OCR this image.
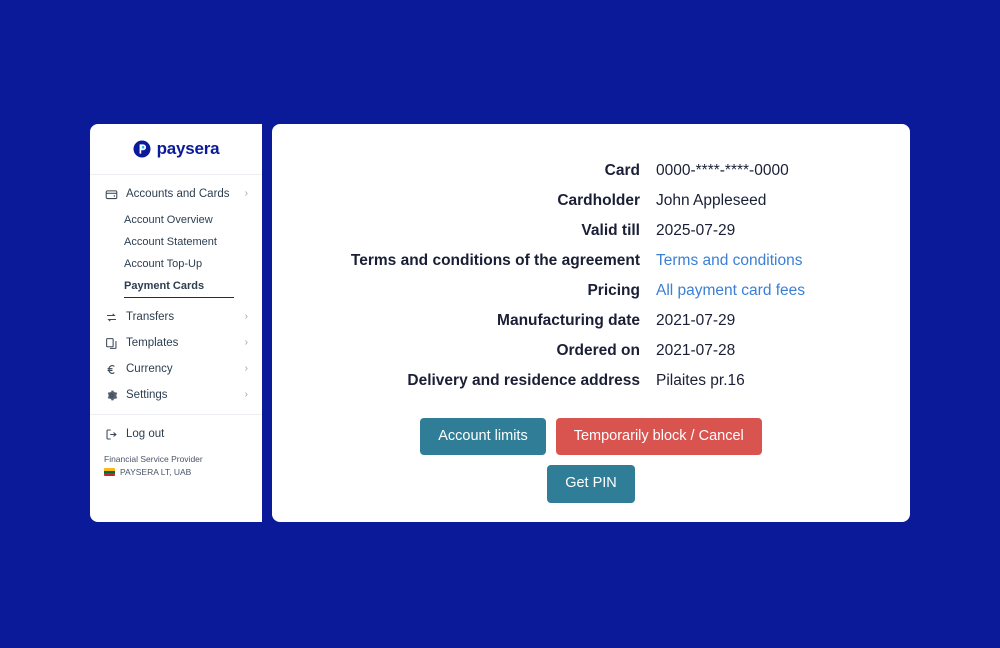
paysera
Accounts and Cards	›
Account Overview
Account Statement
Account Top-Up
Payment Cards
Transfers	›
Templates	›
Currency	›
Settings	›
Log out
Financial Service Provider
PAYSERA LT, UAB
Card 0000-****-****-0000
Cardholder John Appleseed
Valid till 2025-07-29
Terms and conditions of the agreement Terms and conditions
Pricing All payment card fees
Manufacturing date 2021-07-29
Ordered on 2021-07-28
Delivery and residence address Pilaites pr.16
Account limits	Temporarily block / Cancel
Get PIN
